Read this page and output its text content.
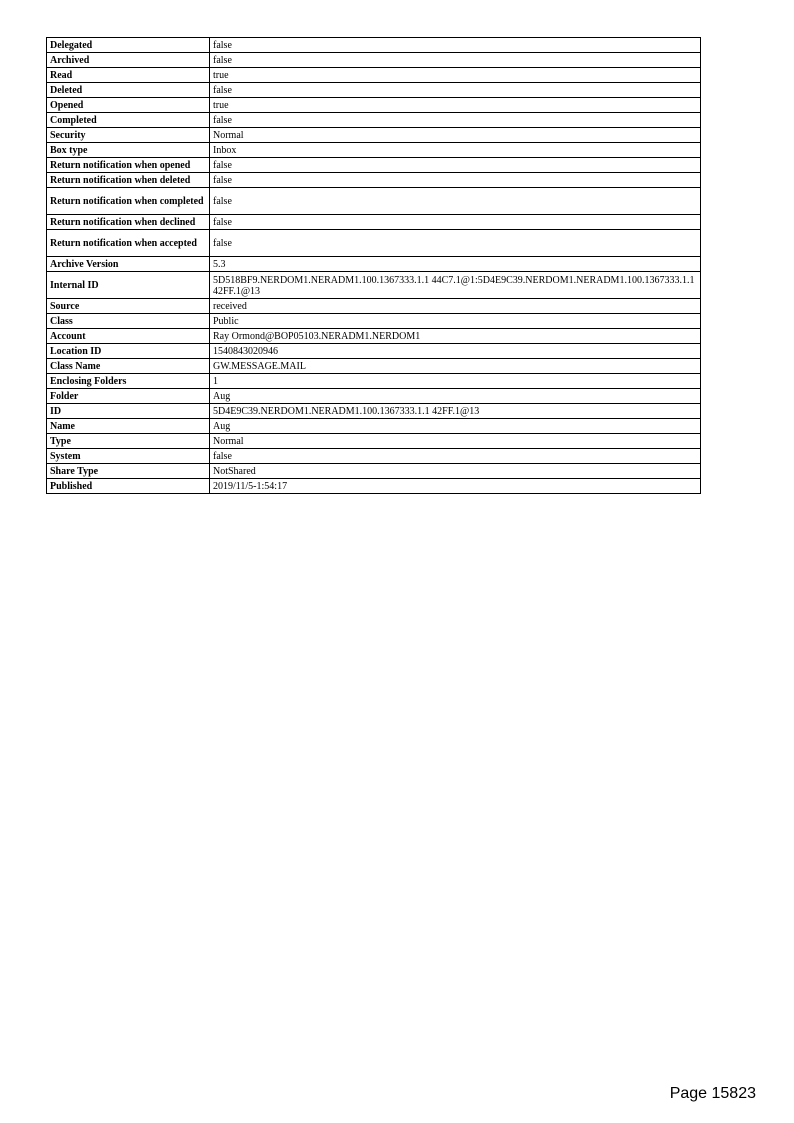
Delegated	false
Archived	false
Read	true
Deleted	false
Opened	true
Completed	false
Security	Normal
Box type	Inbox
Return notification when opened	false
Return notification when deleted	false
Return notification when completed	false
Return notification when declined	false
Return notification when accepted	false
Archive Version	5.3
Internal ID	5D518BF9.NERDOM1.NERADM1.100.1367333.1.1 44C7.1@1:5D4E9C39.NERDOM1.NERADM1.100.1367333.1.142FF.1@13
Source	received
Class	Public
Account	Ray Ormond@BOP05103.NERADM1.NERDOM1
Location ID	1540843020946
Class Name	GW.MESSAGE.MAIL
Enclosing Folders	1
Folder	Aug
ID	5D4E9C39.NERDOM1.NERADM1.100.1367333.1.1 42FF.1@13
Name	Aug
Type	Normal
System	false
Share Type	NotShared
Published	2019/11/5-1:54:17
Page 15823
